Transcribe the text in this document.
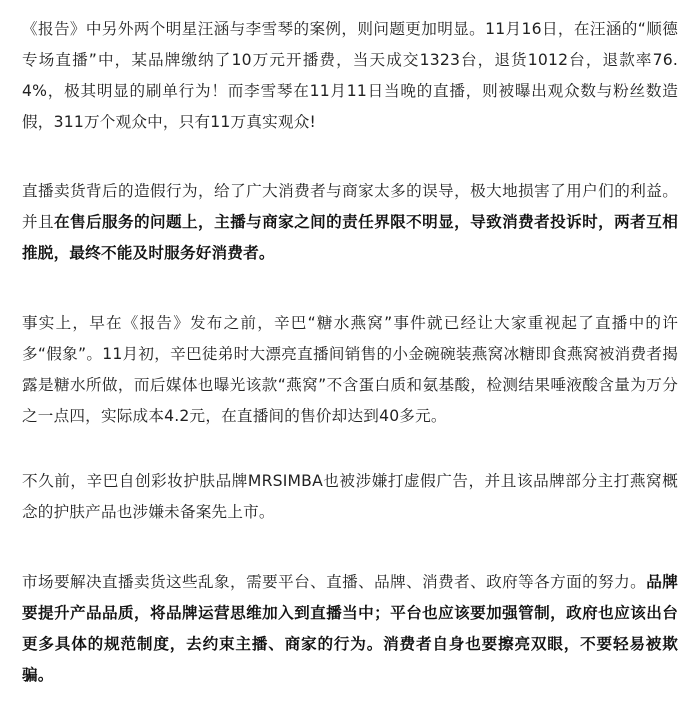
《报告》中另外两个明星汪涵与李雪琴的案例，则问题更加明显。11月16日，在汪涵的“顺德专场直播”中，某品牌缴纳了10万元开播费，当天成交1323台，退货1012台，退款率76.4%，极其明显的刷单行为！而李雪琴在11月11日当晚的直播，则被曝出观众数与粉丝数造假，311万个观众中，只有11万真实观众!

直播卖货背后的造假行为，给了广大消费者与商家太多的误导，极大地损害了用户们的利益。并且在售后服务的问题上，主播与商家之间的责任界限不明显，导致消费者投诉时，两者互相推脱，最终不能及时服务好消费者。

事实上，早在《报告》发布之前，辛巴“糖水燕窝”事件就已经让大家重视起了直播中的许多“假象”。11月初，辛巴徒弟时大漂亮直播间销售的小金碗碗装燕窝冰糖即食燕窝被消费者揭露是糖水所做，而后媒体也曝光该款“燕窝”不含蛋白质和氨基酸，检测结果唾液酸含量为万分之一点四，实际成本4.2元，在直播间的售价却达到40多元。

不久前，辛巴自创彩妆护肤品牌MRSIMBA也被涉嫌打虚假广告，并且该品牌部分主打燕窝概念的护肤产品也涉嫌未备案先上市。

市场要解决直播卖货这些乱象，需要平台、直播、品牌、消费者、政府等各方面的努力。品牌要提升产品品质，将品牌运营思维加入到直播当中；平台也应该要加强管制，政府也应该出台更多具体的规范制度，去约束主播、商家的行为。消费者自身也要擦亮双眼，不要轻易被欺骗。
